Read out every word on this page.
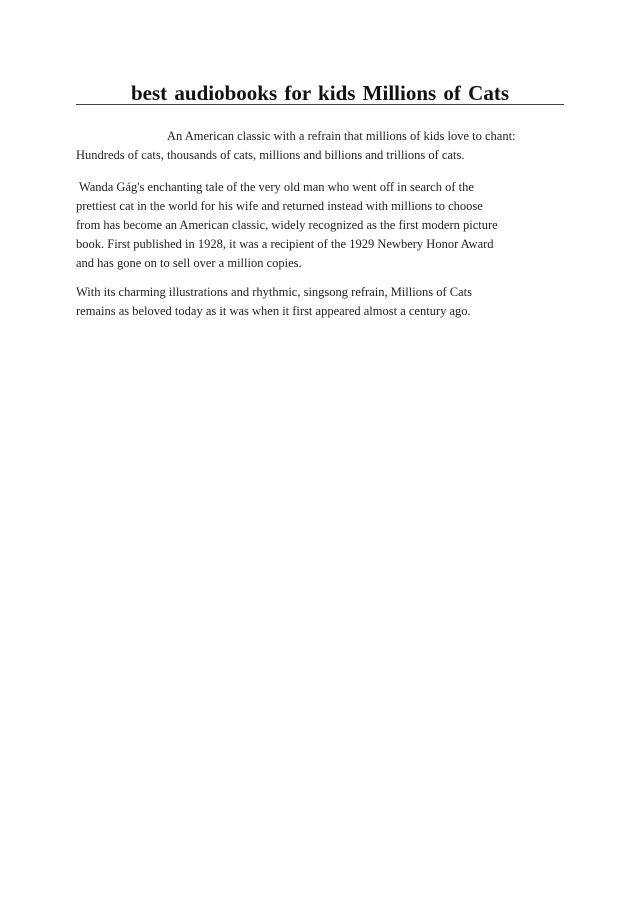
best audiobooks for kids Millions of Cats

An American classic with a refrain that millions of kids love to chant:
Hundreds of cats, thousands of cats, millions and billions and trillions of cats.

Wanda Gág's enchanting tale of the very old man who went off in search of the
prettiest cat in the world for his wife and returned instead with millions to choose
from has become an American classic, widely recognized as the first modern picture
book. First published in 1928, it was a recipient of the 1929 Newbery Honor Award
and has gone on to sell over a million copies.

With its charming illustrations and rhythmic, singsong refrain, Millions of Cats
remains as beloved today as it was when it first appeared almost a century ago.
